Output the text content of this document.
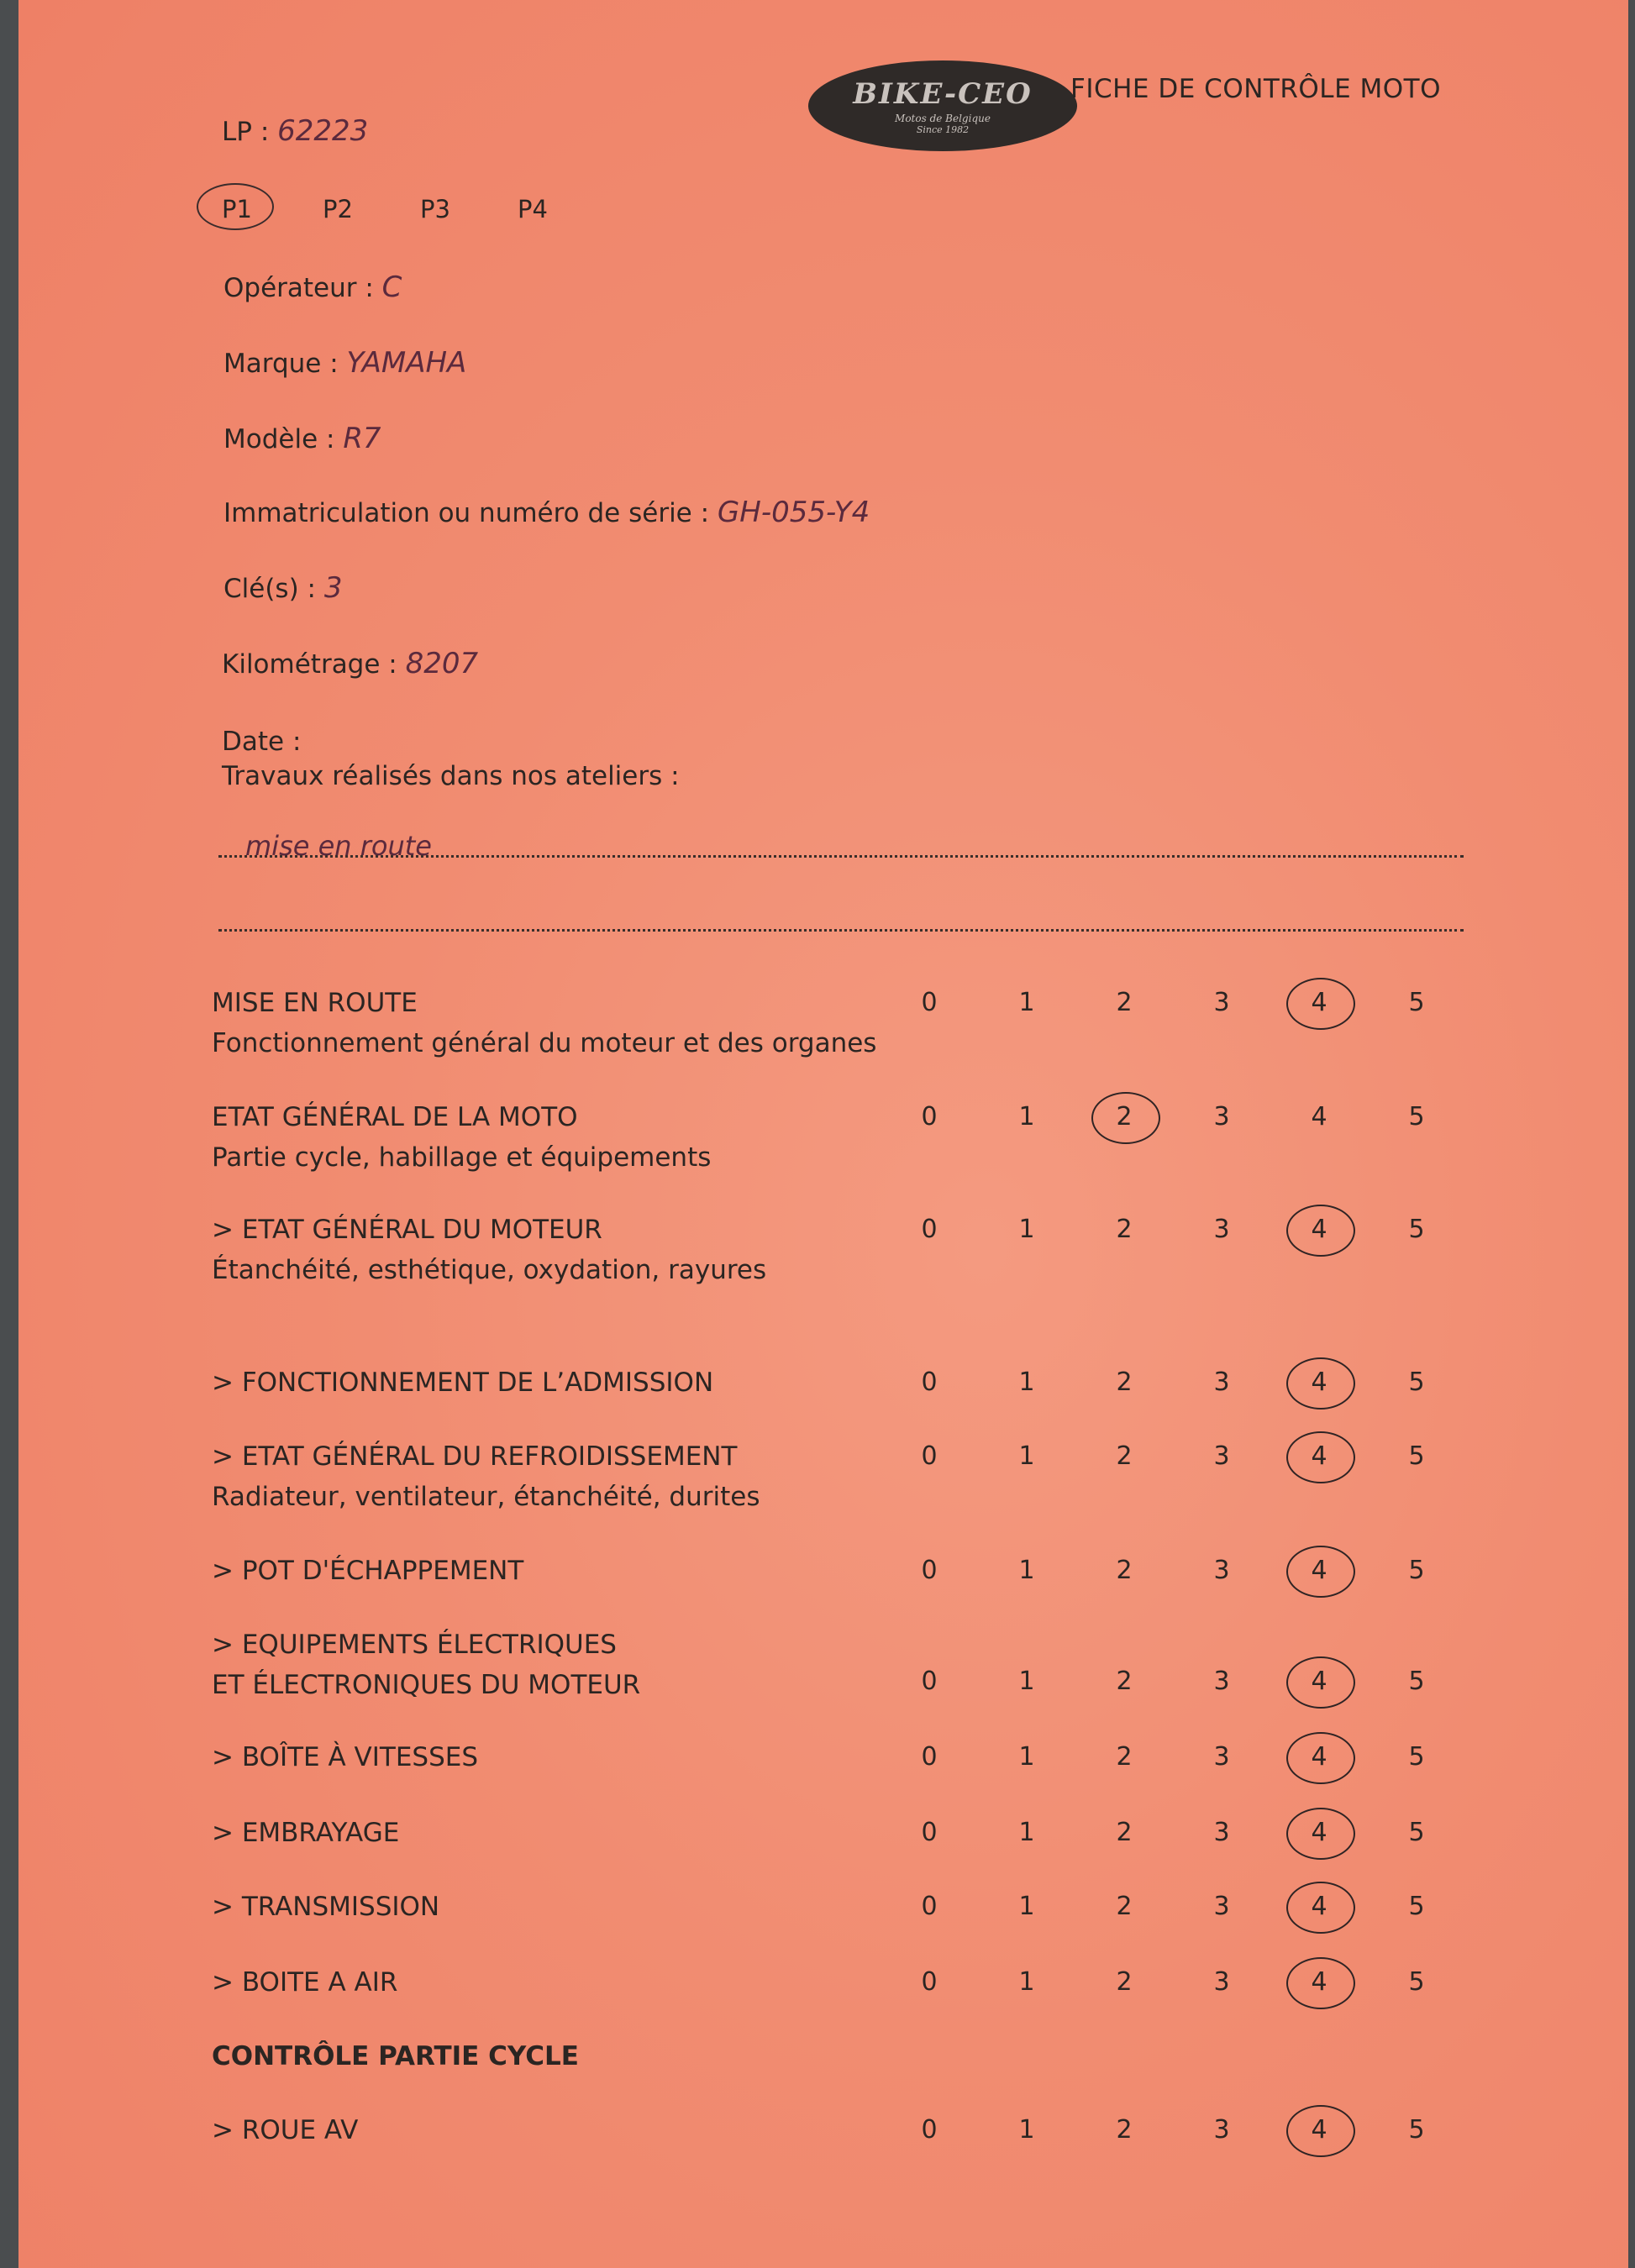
BIKE-CEO
Motos de Belgique
Since 1982
FICHE DE CONTRÔLE MOTO
LP : 62223
P1	P2	P3	P4
Opérateur : C
Marque : YAMAHA
Modèle : R7
Immatriculation ou numéro de série : GH-055-Y4
Clé(s) : 3
Kilométrage : 8207
Date :
Travaux réalisés dans nos ateliers :
mise en route
MISE EN ROUTE
Fonctionnement général du moteur et des organes
0	1	2	3	4	5
ETAT GÉNÉRAL DE LA MOTO
Partie cycle, habillage et équipements
0	1	2	3	4	5
> ETAT GÉNÉRAL DU MOTEUR
Étanchéité, esthétique, oxydation, rayures
0	1	2	3	4	5
> FONCTIONNEMENT DE L’ADMISSION	0	1	2	3	4	5
> ETAT GÉNÉRAL DU REFROIDISSEMENT
Radiateur, ventilateur, étanchéité, durites
0	1	2	3	4	5
> POT D'ÉCHAPPEMENT	0	1	2	3	4	5
> EQUIPEMENTS ÉLECTRIQUES
ET ÉLECTRONIQUES DU MOTEUR	0	1	2	3	4	5
> BOÎTE À VITESSES	0	1	2	3	4	5
> EMBRAYAGE	0	1	2	3	4	5
> TRANSMISSION	0	1	2	3	4	5
> BOITE A AIR	0	1	2	3	4	5
CONTRÔLE PARTIE CYCLE
> ROUE AV	0	1	2	3	4	5
